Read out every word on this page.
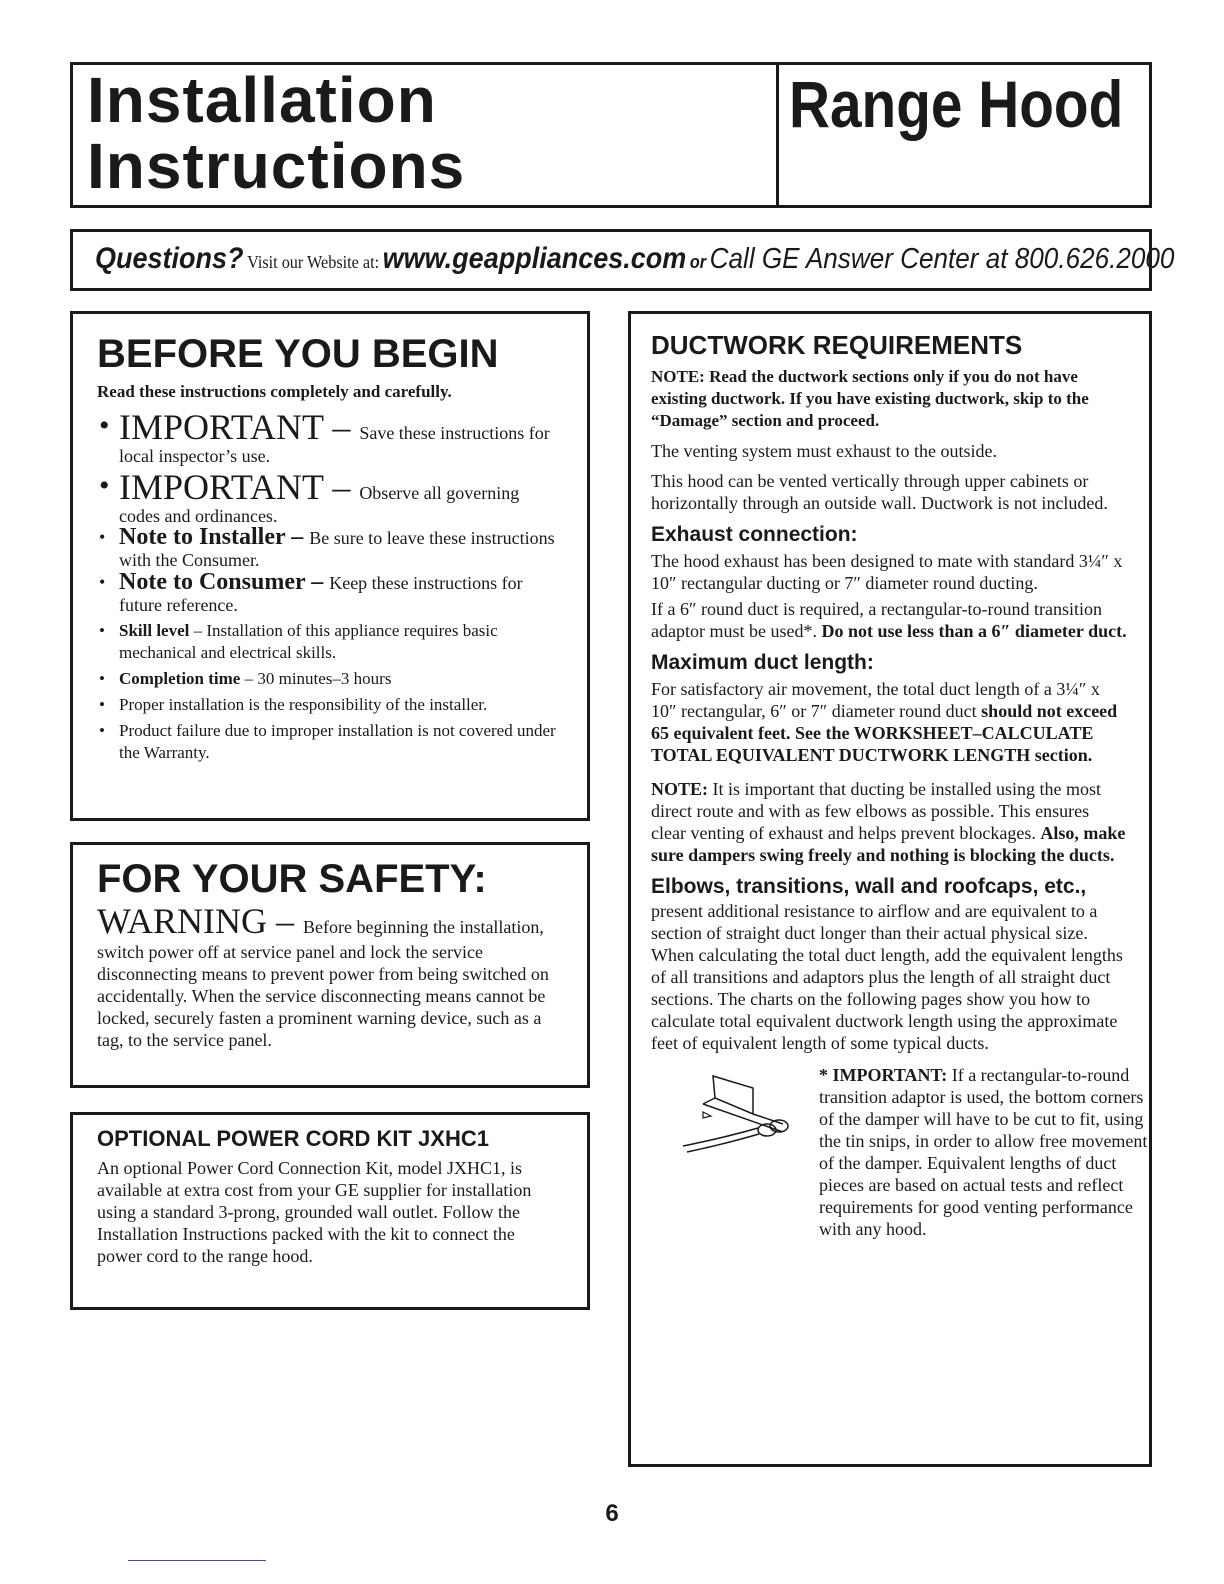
Installation
Instructions
Range Hood
Questions? Visit our Website at: www.geappliances.com or Call GE Answer Center at 800.626.2000
BEFORE YOU BEGIN

Read these instructions completely and carefully.

• IMPORTANT – Save these instructions for local inspector’s use.
• IMPORTANT – Observe all governing codes and ordinances.
• Note to Installer – Be sure to leave these instructions with the Consumer.
• Note to Consumer – Keep these instructions for future reference.
• Skill level – Installation of this appliance requires basic mechanical and electrical skills.
• Completion time – 30 minutes–3 hours
• Proper installation is the responsibility of the installer.
• Product failure due to improper installation is not covered under the Warranty.
FOR YOUR SAFETY:

WARNING – Before beginning the installation, switch power off at service panel and lock the service disconnecting means to prevent power from being switched on accidentally. When the service disconnecting means cannot be locked, securely fasten a prominent warning device, such as a tag, to the service panel.

OPTIONAL POWER CORD KIT JXHC1

An optional Power Cord Connection Kit, model JXHC1, is available at extra cost from your GE supplier for installation using a standard 3-prong, grounded wall outlet. Follow the Installation Instructions packed with the kit to connect the power cord to the range hood.

DUCTWORK REQUIREMENTS

NOTE: Read the ductwork sections only if you do not have existing ductwork. If you have existing ductwork, skip to the “Damage” section and proceed.

The venting system must exhaust to the outside.

This hood can be vented vertically through upper cabinets or horizontally through an outside wall. Ductwork is not included.

Exhaust connection:

The hood exhaust has been designed to mate with standard 3¼″ x 10″ rectangular ducting or 7″ diameter round ducting.

If a 6″ round duct is required, a rectangular-to-round transition adaptor must be used*. Do not use less than a 6″ diameter duct.

Maximum duct length:

For satisfactory air movement, the total duct length of a 3¼″ x 10″ rectangular, 6″ or 7″ diameter round duct should not exceed 65 equivalent feet. See the WORKSHEET–CALCULATE TOTAL EQUIVALENT DUCTWORK LENGTH section.

NOTE: It is important that ducting be installed using the most direct route and with as few elbows as possible. This ensures clear venting of exhaust and helps prevent blockages. Also, make sure dampers swing freely and nothing is blocking the ducts.

Elbows, transitions, wall and roofcaps, etc.,

present additional resistance to airflow and are equivalent to a section of straight duct longer than their actual physical size. When calculating the total duct length, add the equivalent lengths of all transitions and adaptors plus the length of all straight duct sections. The charts on the following pages show you how to calculate total equivalent ductwork length using the approximate feet of equivalent length of some typical ducts.

* IMPORTANT: If a rectangular-to-round transition adaptor is used, the bottom corners of the damper will have to be cut to fit, using the tin snips, in order to allow free movement of the damper. Equivalent lengths of duct pieces are based on actual tests and reflect requirements for good venting performance with any hood.

6
